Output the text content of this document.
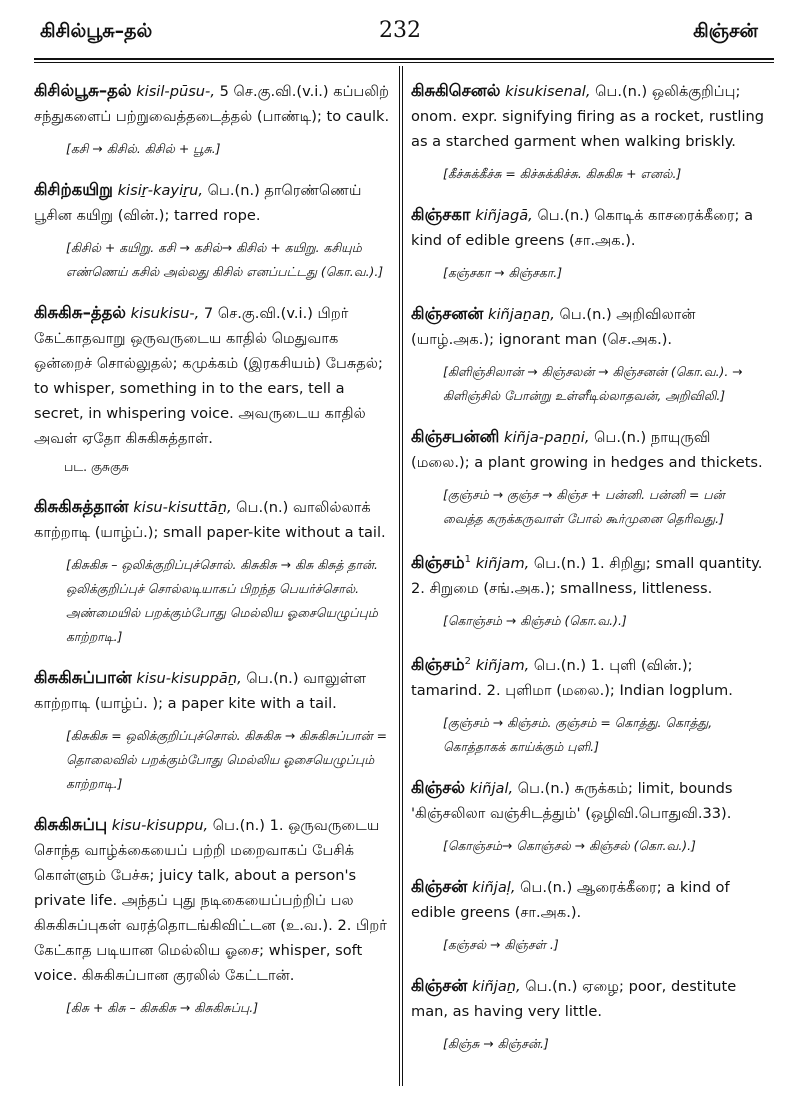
கிசில்பூசு–தல்	232	கிஞ்சன்
கிசில்பூசு–தல் kisil-pūsu-, 5 செ.கு.வி.(v.i.) கப்பலிற் சந்துகளைப் பற்றுவைத்தடைத்தல் (பாண்டி); to caulk.
[கசி → கிசில். கிசில் + பூசு.]
கிசிற்கயிறு kisiṟ-kayiṟu, பெ.(n.) தாரெண்ணெய் பூசின கயிறு (வின்.); tarred rope.
[கிசில் + கயிறு. கசி → கசில்→ கிசில் + கயிறு. கசியும் எண்ணெய் கசில் அல்லது கிசில் எனப்பட்டது (கொ.வ.).]
கிசுகிசு–த்தல் kisukisu-, 7 செ.கு.வி.(v.i.) பிறர் கேட்காதவாறு ஒருவருடைய காதில் மெதுவாக ஒன்றைச் சொல்லுதல்; கமுக்கம் (இரகசியம்) பேசுதல்; to whisper, something in to the ears, tell a secret, in whispering voice. அவருடைய காதில் அவள் ஏதோ கிசுகிசுத்தாள்.
பட. குசுகுசு
கிசுகிசுத்தான் kisu-kisuttāṉ, பெ.(n.) வாலில்லாக் காற்றாடி (யாழ்ப்.); small paper-kite without a tail.
[கிசுகிசு – ஒலிக்குறிப்புச்சொல். கிசுகிசு → கிசு கிசுத் தான். ஒலிக்குறிப்புச் சொல்லடியாகப் பிறந்த பெயர்ச்சொல். அண்மையில் பறக்கும்போது மெல்லிய ஓசையெழுப்பும் காற்றாடி.]
கிசுகிசுப்பான் kisu-kisuppāṉ, பெ.(n.) வாலுள்ள காற்றாடி (யாழ்ப். ); a paper kite with a tail.
[கிசுகிசு = ஒலிக்குறிப்புச்சொல். கிசுகிசு → கிசுகிசுப்பான் = தொலைவில் பறக்கும்போது மெல்லிய ஓசையெழுப்பும் காற்றாடி.]
கிசுகிசுப்பு kisu-kisuppu, பெ.(n.) 1. ஒருவருடைய சொந்த வாழ்க்கையைப் பற்றி மறைவாகப் பேசிக் கொள்ளும் பேச்சு; juicy talk, about a person's private life. அந்தப் புது நடிகையைப்பற்றிப் பல கிசுகிசுப்புகள் வரத்தொடங்கிவிட்டன (உ.வ.). 2. பிறர் கேட்காத படியான மெல்லிய ஓசை; whisper, soft voice. கிசுகிசுப்பான குரலில் கேட்டான்.
[கிசு + கிசு – கிசுகிசு → கிசுகிசுப்பு.]
கிசுகிசெனல் kisukisenal, பெ.(n.) ஒலிக்குறிப்பு; onom. expr. signifying firing as a rocket, rustling as a starched garment when walking briskly.
[கீச்சுக்கீச்சு = கிச்சுக்கிச்சு. கிசுகிசு + எனல்.]
கிஞ்சகா kiñjagā, பெ.(n.) கொடிக் காசரைக்கீரை; a kind of edible greens (சா.அக.).
[கஞ்சகா → கிஞ்சகா.]
கிஞ்சனன் kiñjaṉaṉ, பெ.(n.) அறிவிலான் (யாழ்.அக.); ignorant man (செ.அக.).
[கிளிஞ்சிலான் → கிஞ்சலன் → கிஞ்சனன் (கொ.வ.). → கிளிஞ்சில் போன்று உள்ளீடில்லாதவன், அறிவிலி.]
கிஞ்சபன்னி kiñja-paṉṉi, பெ.(n.) நாயுருவி (மலை.); a plant growing in hedges and thickets.
[குஞ்சம் → குஞ்ச → கிஞ்ச + பன்னி. பன்னி = பன் வைத்த கருக்கருவாள் போல் கூர்முனை தெரிவது.]
கிஞ்சம்$^1$ kiñjam, பெ.(n.) 1. சிறிது; small quantity. 2. சிறுமை (சங்.அக.); smallness, littleness.
[கொஞ்சம் → கிஞ்சம் (கொ.வ.).]
கிஞ்சம்$^2$ kiñjam, பெ.(n.) 1. புளி (வின்.); tamarind. 2. புளிமா (மலை.); Indian logplum.
[குஞ்சம் → கிஞ்சம். குஞ்சம் = கொத்து. கொத்து, கொத்தாகக் காய்க்கும் புளி.]
கிஞ்சல் kiñjal, பெ.(n.) சுருக்கம்; limit, bounds 'கிஞ்சலிலா வஞ்சிடத்தும்' (ஒழிவி.பொதுவி.33).
[கொஞ்சம்→ கொஞ்சல் → கிஞ்சல் (கொ.வ.).]
கிஞ்சன் kiñjaḷ, பெ.(n.) ஆரைக்கீரை; a kind of edible greens (சா.அக.).
[கஞ்சல் → கிஞ்சள் .]
கிஞ்சன் kiñjaṉ, பெ.(n.) ஏழை; poor, destitute man, as having very little.
[கிஞ்சு → கிஞ்சன்.]
